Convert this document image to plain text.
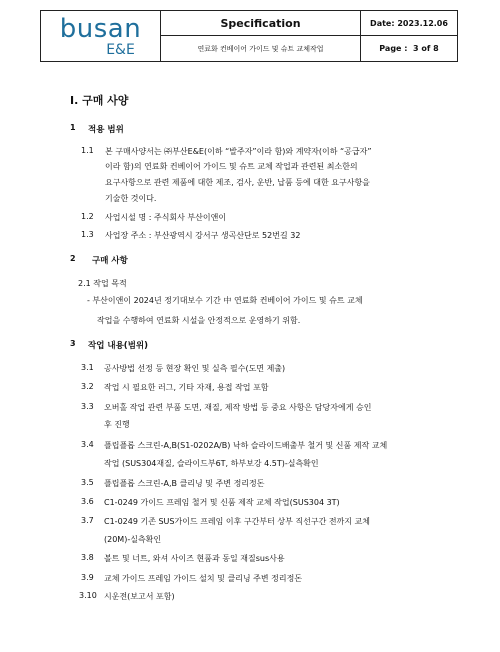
busan
E&E
Specification	Date: 2023.12.06
연료화 컨베이어 가이드 및 슈트 교체작업	Page :
3 of 8
Ⅰ. 구매 사양
1 적용 범위
1.1 본 구매사양서는 ㈜부산E&E(이하 “발주자”이라 함)와 계약자(이하 “공급자”
이라 함)의 연료화 컨베이어 가이드 및 슈트 교체 작업과 관련된 최소한의
요구사항으로 관련 제품에 대한 제조, 검사, 운반, 납품 등에 대한 요구사항을
기술한 것이다.
1.2 사업시설 명 : 주식회사 부산이앤이
1.3 사업장 주소 : 부산광역시 강서구 생곡산단로 52번길 32
2 구매 사항
2.1 작업 목적
- 부산이앤이 2024년 정기대보수 기간 中 연료화 컨베이어 가이드 및 슈트 교체
작업을 수행하여 연료화 시설을 안정적으로 운영하기 위함.
3 작업 내용(범위)
3.1 공사방법 선정 등 현장 확인 및 실측 필수(도면 제출)
3.2 작업 시 필요한 러그, 기타 자재, 용접 작업 포함
3.3 오버홀 작업 관련 부품 도면, 재질, 제작 방법 등 중요 사항은 담당자에게 승인
후 진행
3.4 플립플롭 스크린-A,B(S1-0202A/B) 낙하 슬라이드배출부 철거 및 신품 제작 교체
작업 (SUS304재질, 슬라이드부6T, 하부보강 4.5T)-실측확인
3.5 플립플롭 스크린-A,B 클리닝 및 주변 정리정돈
3.6 C1-0249 가이드 프레임 철거 및 신품 제작 교체 작업(SUS304 3T)
3.7 C1-0249 기존 SUS가이드 프레임 이후 구간부터 상부 직선구간 전까지 교체
(20M)-실측확인
3.8 볼트 및 너트, 와셔 사이즈 현품과 동일 재질sus사용
3.9 교체 가이드 프레임 가이드 설치 및 클리닝 주변 정리정돈
3.10 시운전(보고서 포함)
